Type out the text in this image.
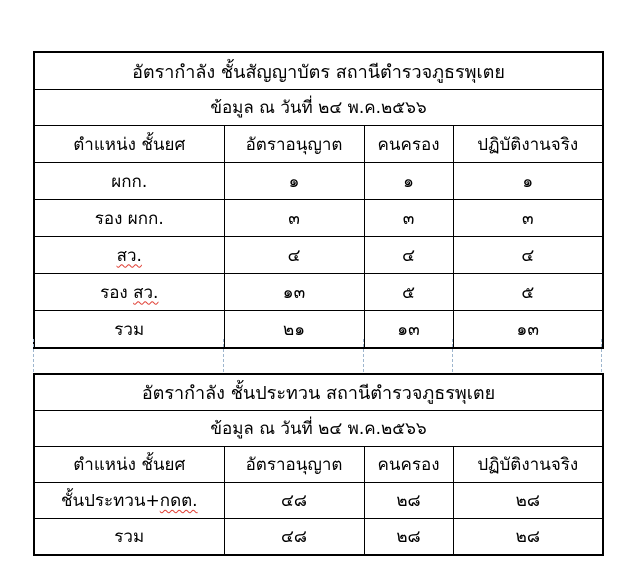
อัตรากำลัง ชั้นสัญญาบัตร สถานีตำรวจภูธรพุเตย			
ข้อมูล ณ วันที่ ๒๔ พ.ค.๒๕๖๖			
ตำแหน่ง ชั้นยศ	อัตราอนุญาต	คนครอง	ปฏิบัติงานจริง
ผกก.	๑	๑	๑
รอง ผกก.	๓	๓	๓
สว.	๔	๔	๔
รอง สว.	๑๓	๕	๕
รวม	๒๑	๑๓	๑๓
อัตรากำลัง ชั้นประทวน สถานีตำรวจภูธรพุเตย			
ข้อมูล ณ วันที่ ๒๔ พ.ค.๒๕๖๖			
ตำแหน่ง ชั้นยศ	อัตราอนุญาต	คนครอง	ปฏิบัติงานจริง
ชั้นประทวน+กดต.	๔๘	๒๘	๒๘
รวม	๔๘	๒๘	๒๘
